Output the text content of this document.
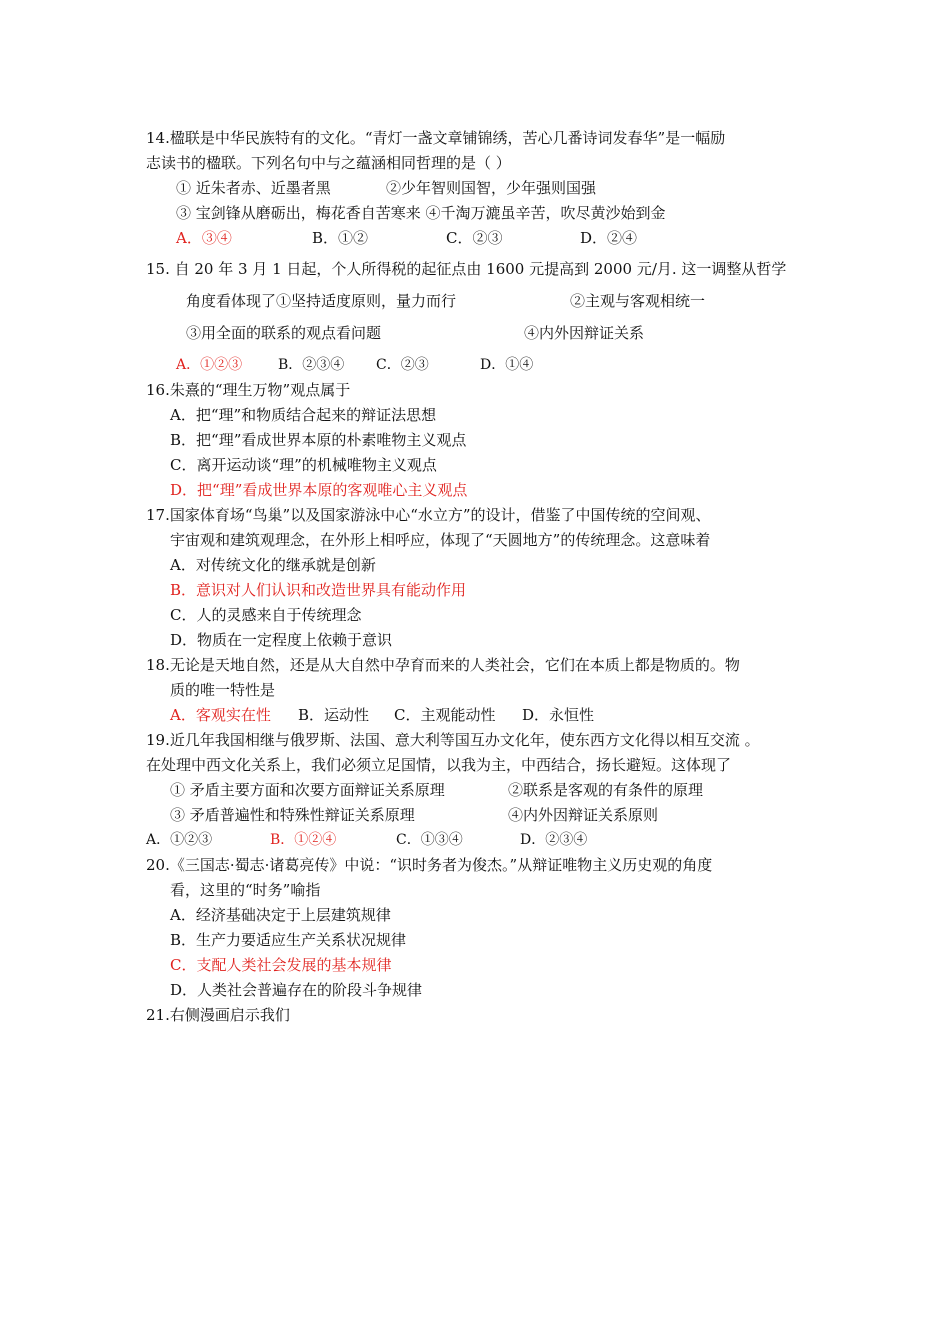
14.楹联是中华民族特有的文化。“青灯一盏文章铺锦绣，苦心几番诗词发春华”是一幅励
志读书的楹联。下列名句中与之蕴涵相同哲理的是（ ）
① 近朱者赤、近墨者黑	②少年智则国智，少年强则国强
③ 宝剑锋从磨砺出，梅花香自苦寒来 ④千淘万漉虽辛苦，吹尽黄沙始到金
A．③④	B．①②	C．②③	D．②④
15. 自 20 年 3 月 1 日起，个人所得税的起征点由 1600 元提高到 2000 元/月. 这一调整从哲学
角度看体现了①坚持适度原则，量力而行	②主观与客观相统一
③用全面的联系的观点看问题	④内外因辩证关系
A．①②③	B．②③④ C．②③	D．①④
16.朱熹的“理生万物”观点属于
A．把“理”和物质结合起来的辩证法思想
B．把“理”看成世界本原的朴素唯物主义观点
C．离开运动谈“理”的机械唯物主义观点
D．把“理”看成世界本原的客观唯心主义观点
17.国家体育场“鸟巢”以及国家游泳中心“水立方”的设计，借鉴了中国传统的空间观、
宇宙观和建筑观理念，在外形上相呼应，体现了“天圆地方”的传统理念。这意味着
A．对传统文化的继承就是创新
B．意识对人们认识和改造世界具有能动作用
C．人的灵感来自于传统理念
D．物质在一定程度上依赖于意识
18.无论是天地自然，还是从大自然中孕育而来的人类社会，它们在本质上都是物质的。物
质的唯一特性是
A．客观实在性 B．运动性 C．主观能动性 D．永恒性
19.近几年我国相继与俄罗斯、法国、意大利等国互办文化年，使东西方文化得以相互交流 。
在处理中西文化关系上，我们必须立足国情，以我为主，中西结合，扬长避短。这体现了
① 矛盾主要方面和次要方面辩证关系原理	②联系是客观的有条件的原理
③ 矛盾普遍性和特殊性辩证关系原理	④内外因辩证关系原则
A．①②③	B．①②④	C．①③④	D．②③④
20.《三国志·蜀志·诸葛亮传》中说：“识时务者为俊杰。”从辩证唯物主义历史观的角度
看，这里的“时务”喻指
A．经济基础决定于上层建筑规律
B．生产力要适应生产关系状况规律
C．支配人类社会发展的基本规律
D．人类社会普遍存在的阶段斗争规律
21.右侧漫画启示我们
